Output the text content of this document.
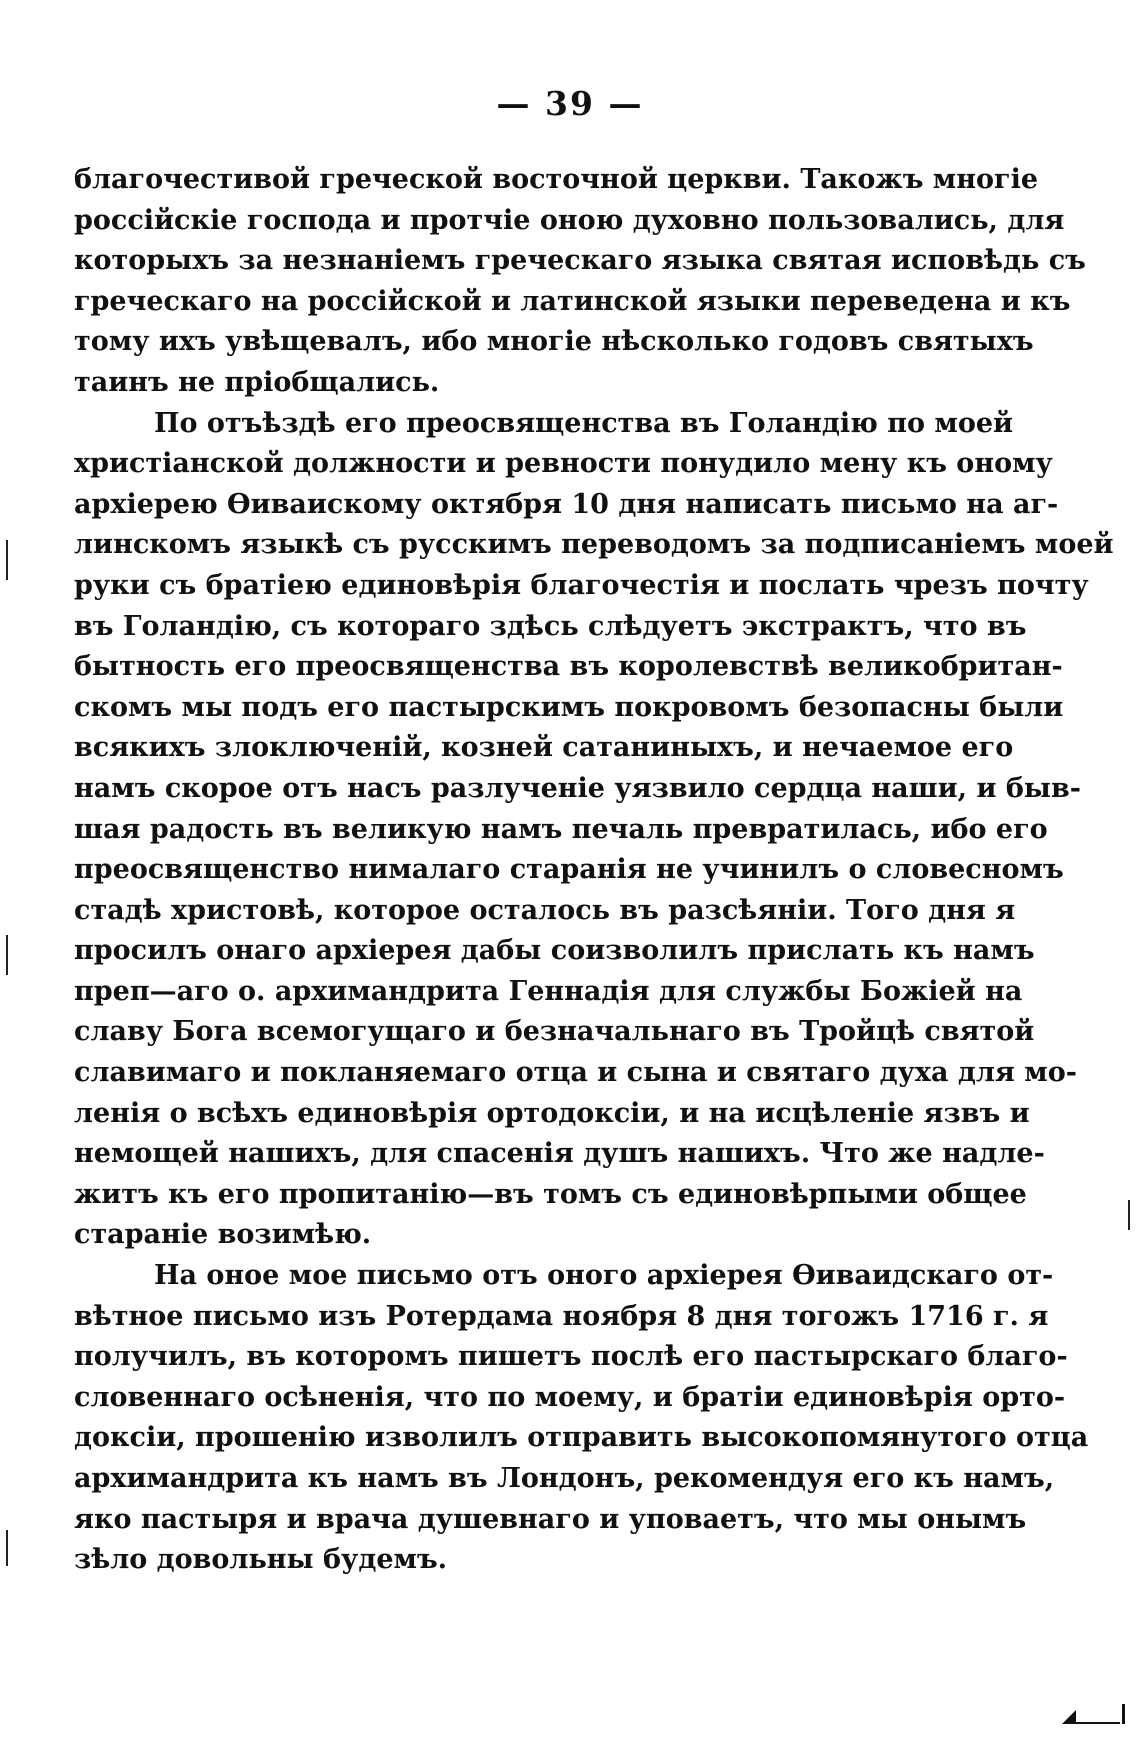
— 39 —
благочестивой греческой восточной церкви. Такожъ многіе
россійскіе господа и протчіе оною духовно пользовались, для
которыхъ за незнаніемъ греческаго языка святая исповѣдь съ
греческаго на россійской и латинской языки переведена и къ
тому ихъ увѣщевалъ, ибо многіе нѣсколько годовъ святыхъ
таинъ не пріобщались.
По отъѣздѣ его преосвященства въ Голандію по моей
христіанской должности и ревности понудило мену къ оному
архіерею Ѳиваискому октября 10 дня написать письмо на аг-
линскомъ языкѣ съ русскимъ переводомъ за подписаніемъ моей
руки съ братіею единовѣрія благочестія и послать чрезъ почту
въ Голандію, съ котораго здѣсь слѣдуетъ экстрактъ, что въ
бытность его преосвященства въ королевствѣ великобритан-
скомъ мы подъ его пастырскимъ покровомъ безопасны были
всякихъ злоключеній, козней сатаниныхъ, и нечаемое его
намъ скорое отъ насъ разлученіе уязвило сердца наши, и быв-
шая радость въ великую намъ печаль превратилась, ибо его
преосвященство нималаго старанія не учинилъ о словесномъ
стадѣ христовѣ, которое осталось въ разсѣяніи. Того дня я
просилъ онаго архіерея дабы соизволилъ прислать къ намъ
преп—аго о. архимандрита Геннадія для службы Божіей на
славу Бога всемогущаго и безначальнаго въ Тройцѣ святой
славимаго и покланяемаго отца и сына и святаго духа для мо-
ленія о всѣхъ единовѣрія ортодоксіи, и на исцѣленіе язвъ и
немощей нашихъ, для спасенія душъ нашихъ. Что же надле-
житъ къ его пропитанію—въ томъ съ единовѣрпыми общее
стараніе возимѣю.
На оное мое письмо отъ оного архіерея Ѳиваидскаго от-
вѣтное письмо изъ Ротердама ноября 8 дня тогожъ 1716 г. я
получилъ, въ которомъ пишетъ послѣ его пастырскаго благо-
словеннаго осѣненія, что по моему, и братіи единовѣрія орто-
доксіи, прошенію изволилъ отправить высокопомянутого отца
архимандрита къ намъ въ Лондонъ, рекомендуя его къ намъ,
яко пастыря и врача душевнаго и уповаетъ, что мы онымъ
зѣло довольны будемъ.
